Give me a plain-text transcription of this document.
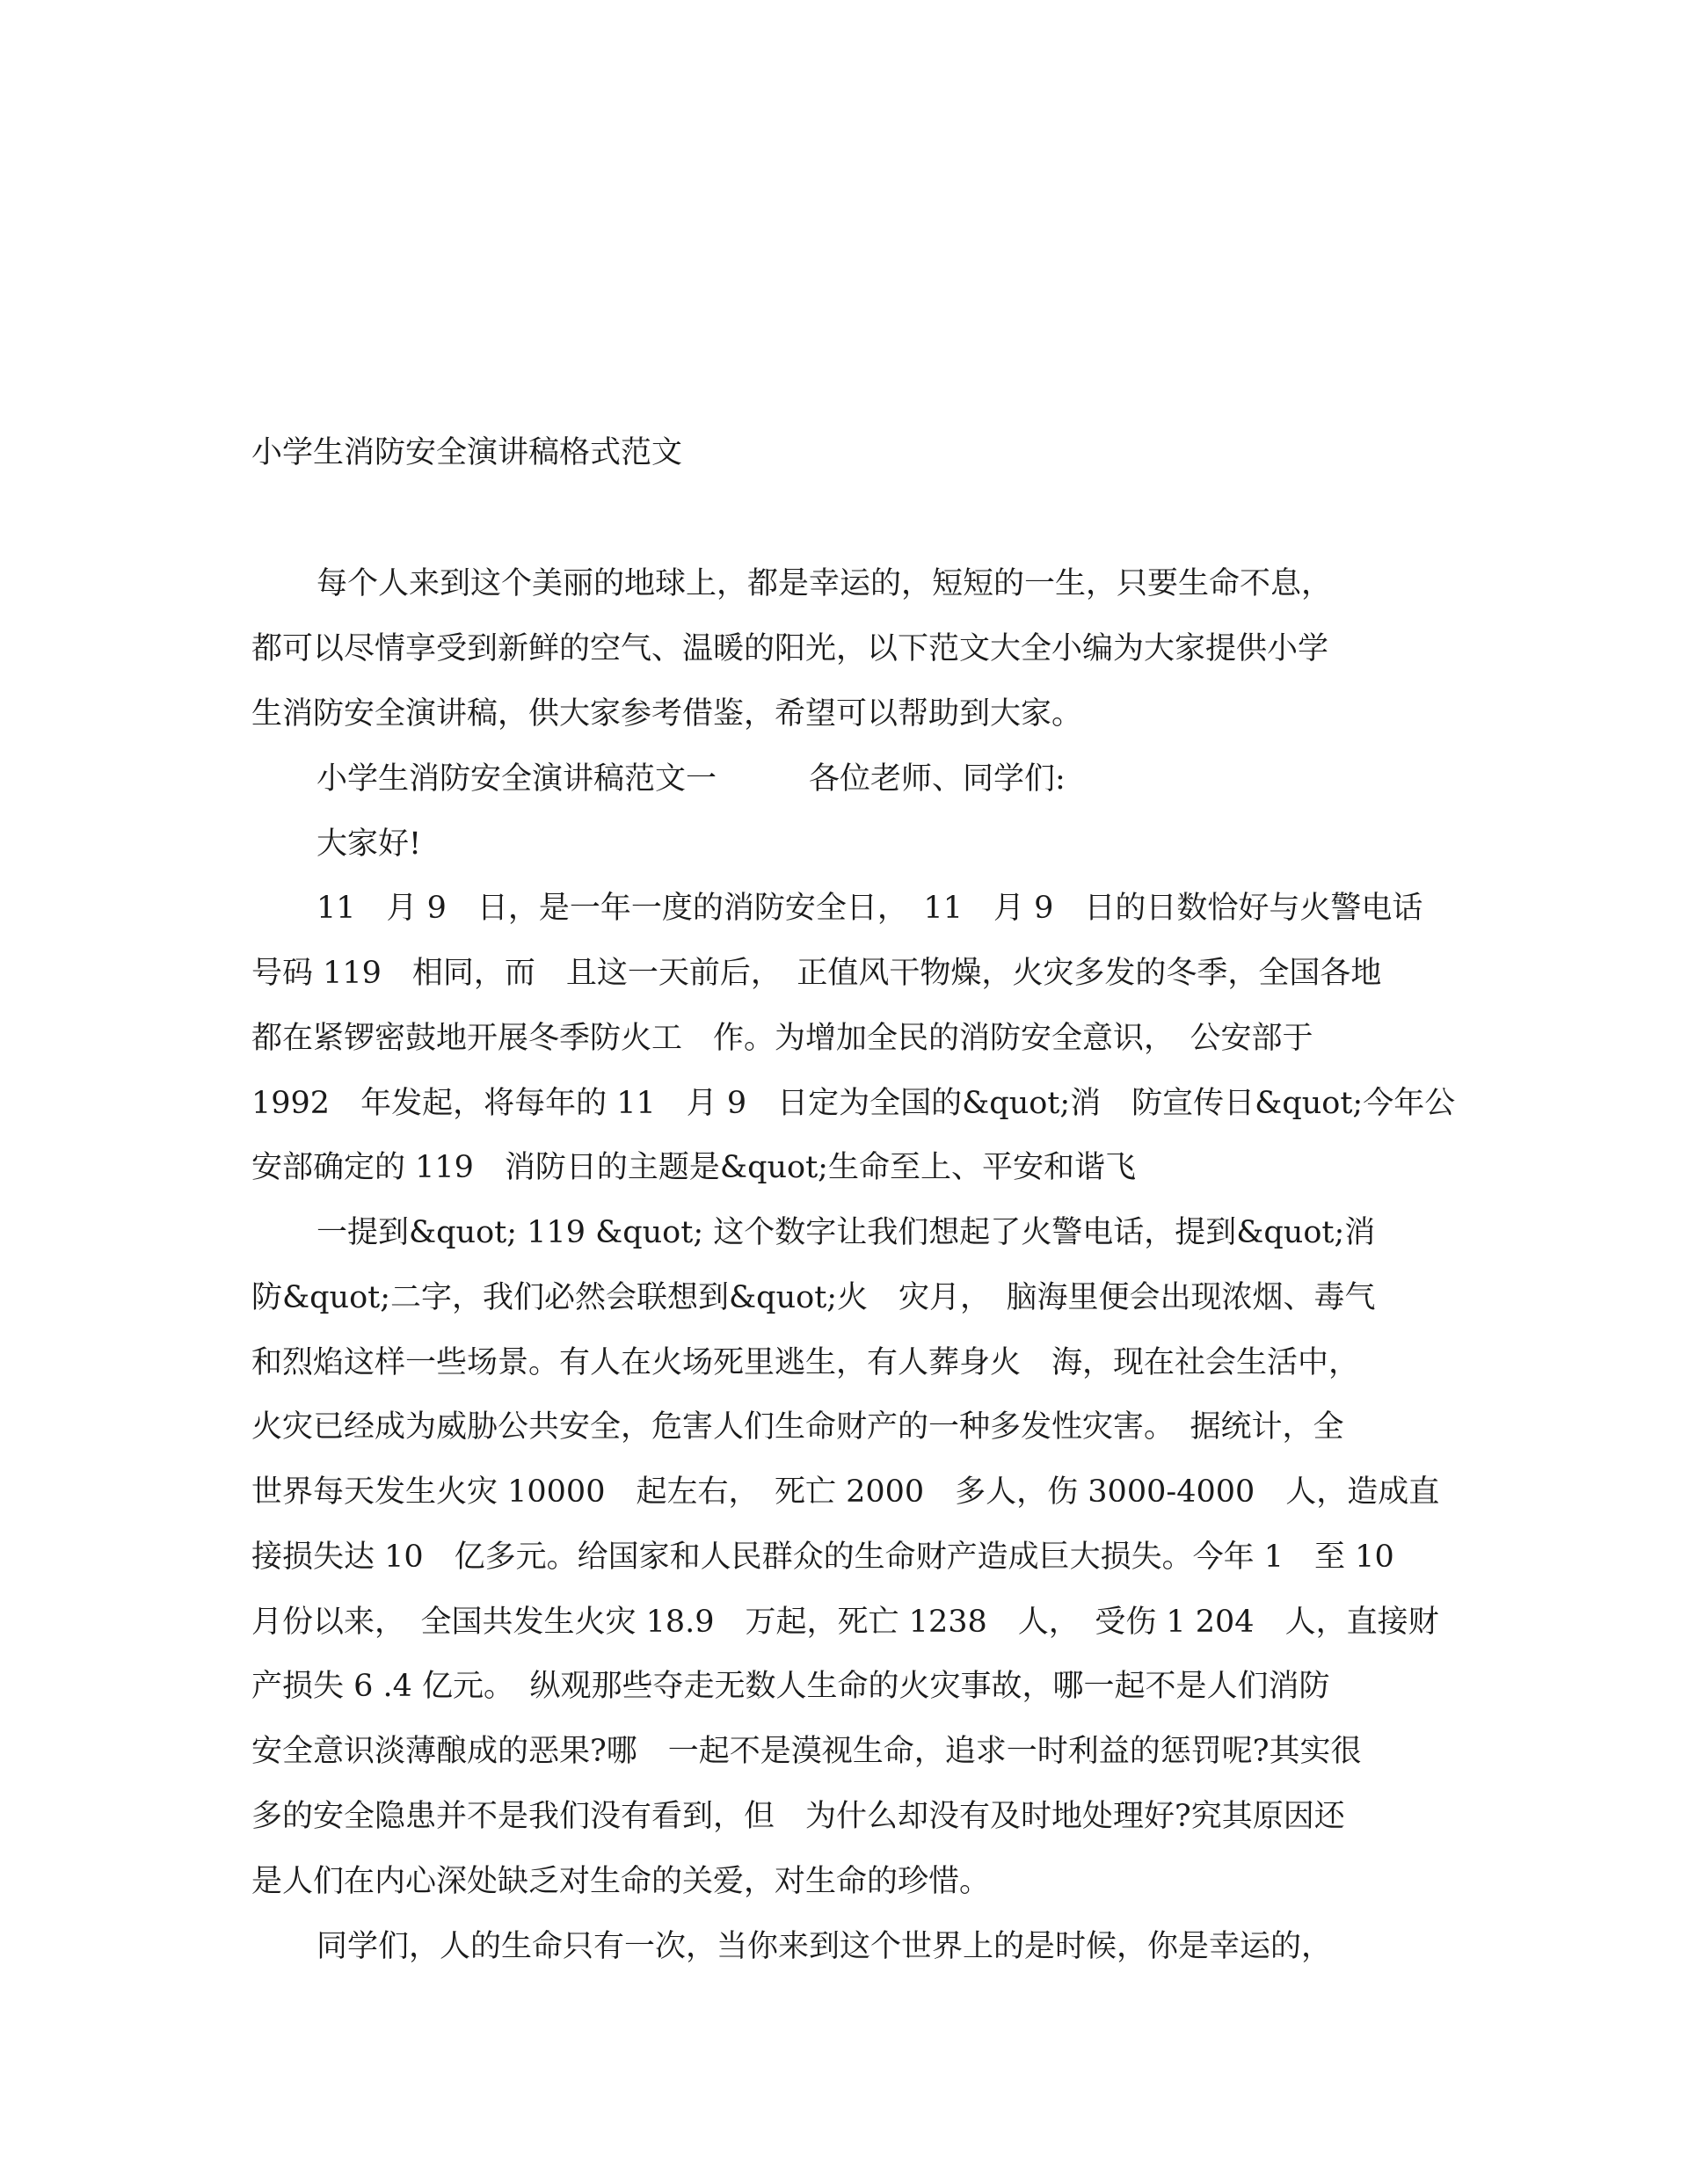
小学生消防安全演讲稿格式范文
每个人来到这个美丽的地球上，都是幸运的，短短的一生，只要生命不息，
都可以尽情享受到新鲜的空气、温暖的阳光，以下范文大全小编为大家提供小学
生消防安全演讲稿，供大家参考借鉴，希望可以帮助到大家。
小学生消防安全演讲稿范文一　　　各位老师、同学们:
大家好!
11　月 9　日，是一年一度的消防安全日，　11　月 9　日的日数恰好与火警电话
号码 119　相同，而　且这一天前后，　正值风干物燥，火灾多发的冬季，全国各地
都在紧锣密鼓地开展冬季防火工　作。为增加全民的消防安全意识，　公安部于
1992　年发起，将每年的 11　月 9　日定为全国的&quot;消　防宣传日&quot;今年公
安部确定的 119　消防日的主题是&quot;生命至上、平安和谐飞
一提到&quot; 119 &quot; 这个数字让我们想起了火警电话，提到&quot;消
防&quot;二字，我们必然会联想到&quot;火　灾月，　脑海里便会出现浓烟、毒气
和烈焰这样一些场景。有人在火场死里逃生，有人葬身火　海，现在社会生活中，
火灾已经成为威胁公共安全，危害人们生命财产的一种多发性灾害。　据统计，全
世界每天发生火灾 10000　起左右，　死亡 2000　多人，伤 3000-4000　人，造成直
接损失达 10　亿多元。给国家和人民群众的生命财产造成巨大损失。今年 1　至 10
月份以来，　全国共发生火灾 18.9　万起，死亡 1238　人，　受伤 1 204　人，直接财
产损失 6 .4 亿元。　纵观那些夺走无数人生命的火灾事故，哪一起不是人们消防
安全意识淡薄酿成的恶果?哪　一起不是漠视生命，追求一时利益的惩罚呢?其实很
多的安全隐患并不是我们没有看到，但　为什么却没有及时地处理好?究其原因还
是人们在内心深处缺乏对生命的关爱，对生命的珍惜。
同学们，人的生命只有一次，当你来到这个世界上的是时候，你是幸运的，
